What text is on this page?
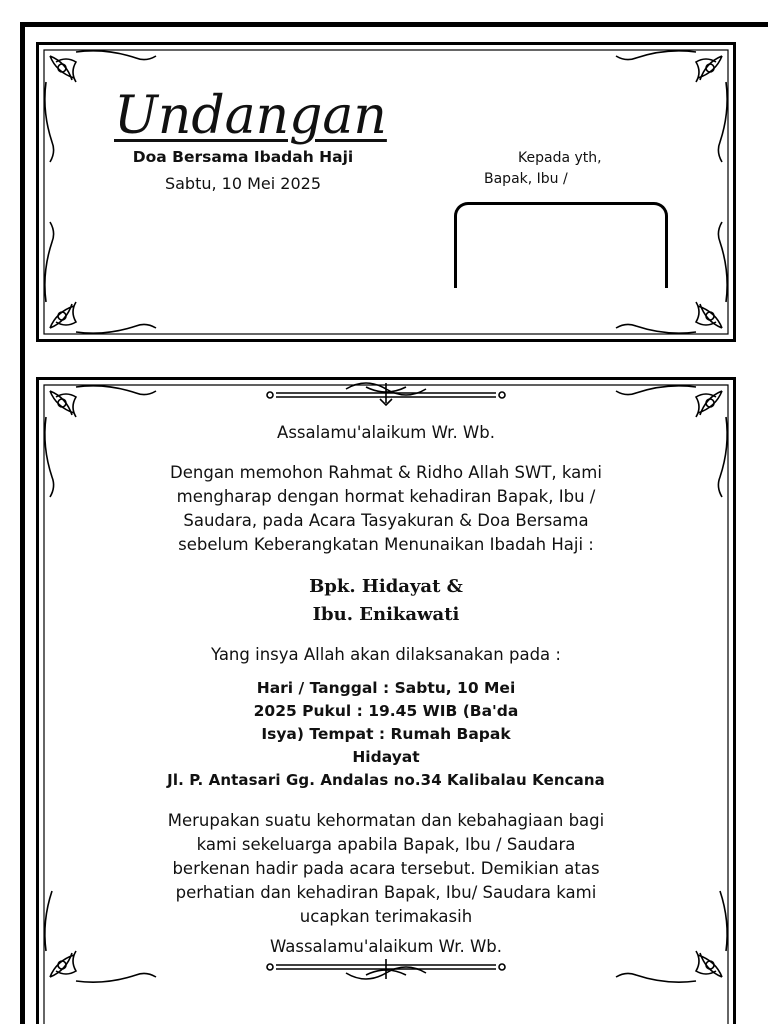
Undangan
Doa Bersama Ibadah Haji
Sabtu, 10 Mei 2025
Kepada yth,
Bapak, Ibu /
Assalamu'alaikum Wr. Wb.
Dengan memohon Rahmat & Ridho Allah SWT, kami
mengharap dengan hormat kehadiran Bapak, Ibu /
Saudara, pada Acara Tasyakuran & Doa Bersama
sebelum Keberangkatan Menunaikan Ibadah Haji :
Bpk. Hidayat &
Ibu. Enikawati
Yang insya Allah akan dilaksanakan pada :
Hari / Tanggal : Sabtu, 10 Mei
2025 Pukul : 19.45 WIB (Ba'da
Isya) Tempat : Rumah Bapak
Hidayat
Jl. P. Antasari Gg. Andalas no.34 Kalibalau Kencana
Merupakan suatu kehormatan dan kebahagiaan bagi
kami sekeluarga apabila Bapak, Ibu / Saudara
berkenan hadir pada acara tersebut. Demikian atas
perhatian dan kehadiran Bapak, Ibu/ Saudara kami
ucapkan terimakasih
Wassalamu'alaikum Wr. Wb.
